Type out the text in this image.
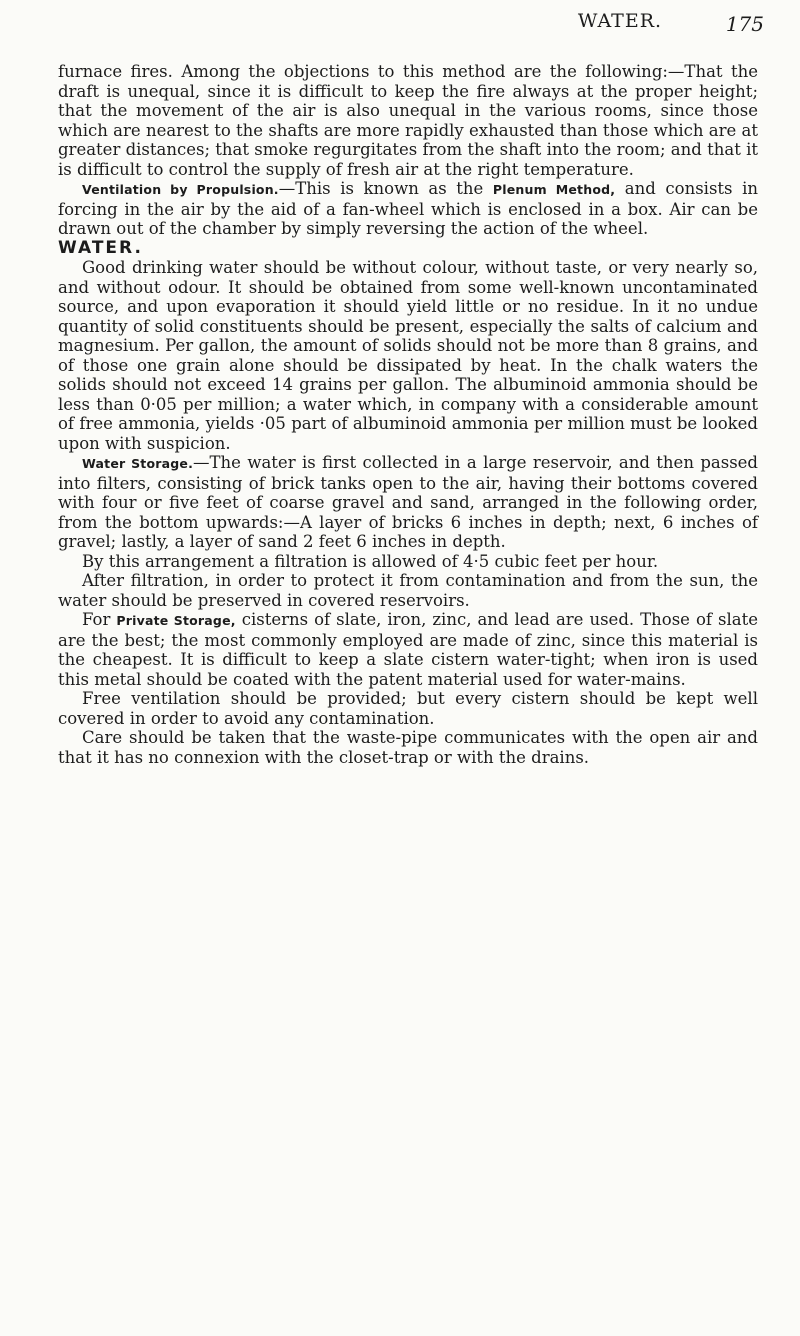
WATER.	175

furnace fires. Among the objections to this method are the following:—That the draft is unequal, since it is difficult to keep the fire always at the proper height; that the movement of the air is also unequal in the various rooms, since those which are nearest to the shafts are more rapidly exhausted than those which are at greater distances; that smoke regurgitates from the shaft into the room; and that it is difficult to control the supply of fresh air at the right temperature.

Ventilation by Propulsion.—This is known as the Plenum Method, and consists in forcing in the air by the aid of a fan-wheel which is enclosed in a box. Air can be drawn out of the chamber by simply reversing the action of the wheel.

WATER.

Good drinking water should be without colour, without taste, or very nearly so, and without odour. It should be obtained from some well-known uncontaminated source, and upon evaporation it should yield little or no residue. In it no undue quantity of solid constituents should be present, especially the salts of calcium and magnesium. Per gallon, the amount of solids should not be more than 8 grains, and of those one grain alone should be dissipated by heat. In the chalk waters the solids should not exceed 14 grains per gallon. The albuminoid ammonia should be less than 0·05 per million; a water which, in company with a considerable amount of free ammonia, yields ·05 part of albuminoid ammonia per million must be looked upon with suspicion.

Water Storage.—The water is first collected in a large reservoir, and then passed into filters, consisting of brick tanks open to the air, having their bottoms covered with four or five feet of coarse gravel and sand, arranged in the following order, from the bottom upwards:—A layer of bricks 6 inches in depth; next, 6 inches of gravel; lastly, a layer of sand 2 feet 6 inches in depth.

By this arrangement a filtration is allowed of 4·5 cubic feet per hour.

After filtration, in order to protect it from contamination and from the sun, the water should be preserved in covered reservoirs.

For Private Storage, cisterns of slate, iron, zinc, and lead are used. Those of slate are the best; the most commonly employed are made of zinc, since this material is the cheapest. It is difficult to keep a slate cistern water-tight; when iron is used this metal should be coated with the patent material used for water-mains.

Free ventilation should be provided; but every cistern should be kept well covered in order to avoid any contamination.

Care should be taken that the waste-pipe communicates with the open air and that it has no connexion with the closet-trap or with the drains.
